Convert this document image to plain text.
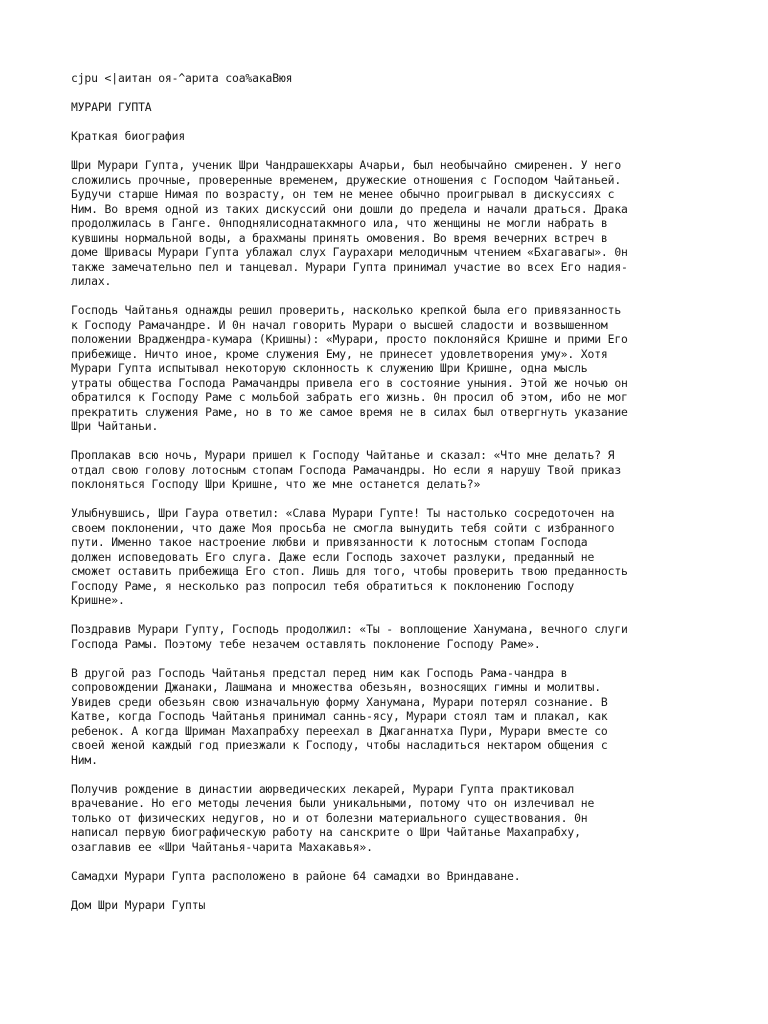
cjpu <|аитан оя-^арита соа%акаВюя
МУРАРИ ГУПТА
Краткая биография
Шри Мурари Гупта, ученик Шри Чандрашекхары Ачарьи, был необычайно смиренен. У него
сложились прочные, проверенные временем, дружеские отношения с Господом Чайтаньей.
Будучи старше Нимая по возрасту, он тем не менее обычно проигрывал в дискуссиях с
Ним. Во время одной из таких дискуссий они дошли до предела и начали драться. Драка
продолжилась в Ганге. 0нподнялисоднатакмного ила, что женщины не могли набрать в
кувшины нормальной воды, а брахманы принять омовения. Во время вечерних встреч в
доме Шривасы Мурари Гупта ублажал слух Гаурахари мелодичным чтением «Бхагавагы». 0н
также замечательно пел и танцевал. Мурари Гупта принимал участие во всех Его надия-
лилах.
Господь Чайтанья однажды решил проверить, насколько крепкой была его привязанность
к Господу Рамачандре. И 0н начал говорить Мурари о высшей сладости и возвышенном
положении Враджендра-кумара (Кришны): «Мурари, просто поклоняйся Кришне и прими Его
прибежище. Ничто иное, кроме служения Ему, не принесет удовлетворения уму». Хотя
Мурари Гупта испытывал некоторую склонность к служению Шри Кришне, одна мысль
утраты общества Господа Рамачандры привела его в состояние уныния. Этой же ночью он
обратился к Господу Раме с мольбой забрать его жизнь. 0н просил об этом, ибо не мог
прекратить служения Раме, но в то же самое время не в силах был отвергнуть указание
Шри Чайтаньи.
Проплакав всю ночь, Мурари пришел к Господу Чайтанье и сказал: «Что мне делать? Я
отдал свою голову лотосным стопам Господа Рамачандры. Но если я нарушу Твой приказ
поклоняться Господу Шри Кришне, что же мне останется делать?»
Улыбнувшись, Шри Гаура ответил: «Слава Мурари Гупте! Ты настолько сосредоточен на
своем поклонении, что даже Моя просьба не смогла вынудить тебя сойти с избранного
пути. Именно такое настроение любви и привязанности к лотосным стопам Господа
должен исповедовать Его слуга. Даже если Господь захочет разлуки, преданный не
сможет оставить прибежища Его стоп. Лишь для того, чтобы проверить твою преданность
Господу Раме, я несколько раз попросил тебя обратиться к поклонению Господу
Кришне».
Поздравив Мурари Гупту, Господь продолжил: «Ты - воплощение Ханумана, вечного слуги
Господа Рамы. Поэтому тебе незачем оставлять поклонение Господу Раме».
В другой раз Господь Чайтанья предстал перед ним как Господь Рама-чандра в
сопровождении Джанаки, Лашмана и множества обезьян, возносящих гимны и молитвы.
Увидев среди обезьян свою изначальную форму Ханумана, Мурари потерял сознание. В
Катве, когда Господь Чайтанья принимал саннь-ясу, Мурари стоял там и плакал, как
ребенок. А когда Шриман Махапрабху переехал в Джаганнатха Пури, Мурари вместе со
своей женой каждый год приезжали к Господу, чтобы насладиться нектаром общения с
Ним.
Получив рождение в династии аюрведических лекарей, Мурари Гупта практиковал
врачевание. Но его методы лечения были уникальными, потому что он излечивал не
только от физических недугов, но и от болезни материального существования. 0н
написал первую биографическую работу на санскрите о Шри Чайтанье Махапрабху,
озаглавив ее «Шри Чайтанья-чарита Махакавья».
Самадхи Мурари Гупта расположено в районе 64 самадхи во Вриндаване.
Дом Шри Мурари Гупты
